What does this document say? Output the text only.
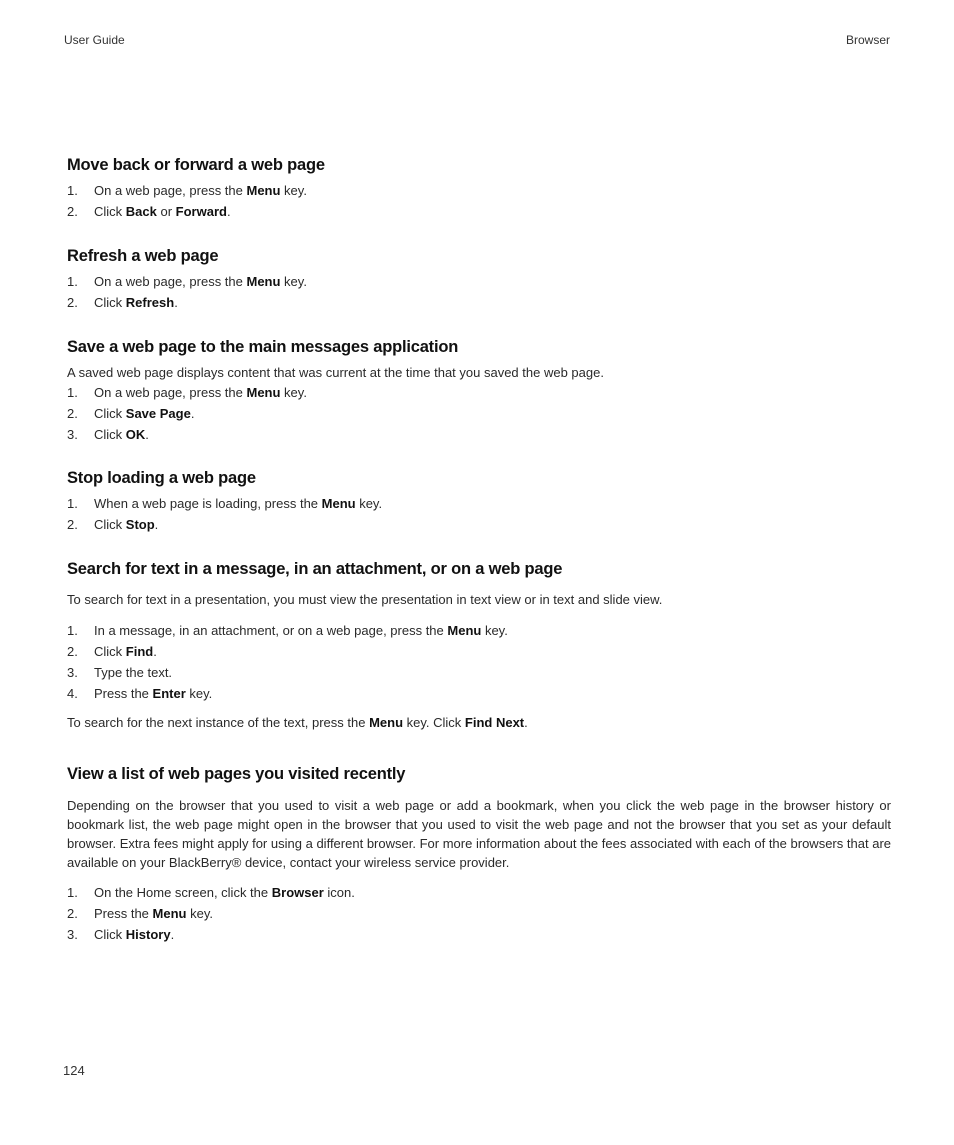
User Guide	Browser
Move back or forward a web page
1. On a web page, press the Menu key.
2. Click Back or Forward.
Refresh a web page
1. On a web page, press the Menu key.
2. Click Refresh.
Save a web page to the main messages application

A saved web page displays content that was current at the time that you saved the web page.

1. On a web page, press the Menu key.
2. Click Save Page.
3. Click OK.
Stop loading a web page
1. When a web page is loading, press the Menu key.
2. Click Stop.
Search for text in a message, in an attachment, or on a web page

To search for text in a presentation, you must view the presentation in text view or in text and slide view.

1. In a message, in an attachment, or on a web page, press the Menu key.
2. Click Find.
3. Type the text.
4. Press the Enter key.

To search for the next instance of the text, press the Menu key. Click Find Next.

View a list of web pages you visited recently

Depending on the browser that you used to visit a web page or add a bookmark, when you click the web page in the browser history or bookmark list, the web page might open in the browser that you used to visit the web page and not the browser that you set as your default browser. Extra fees might apply for using a different browser. For more information about the fees associated with each of the browsers that are available on your BlackBerry® device, contact your wireless service provider.

1. On the Home screen, click the Browser icon.
2. Press the Menu key.
3. Click History.
124
